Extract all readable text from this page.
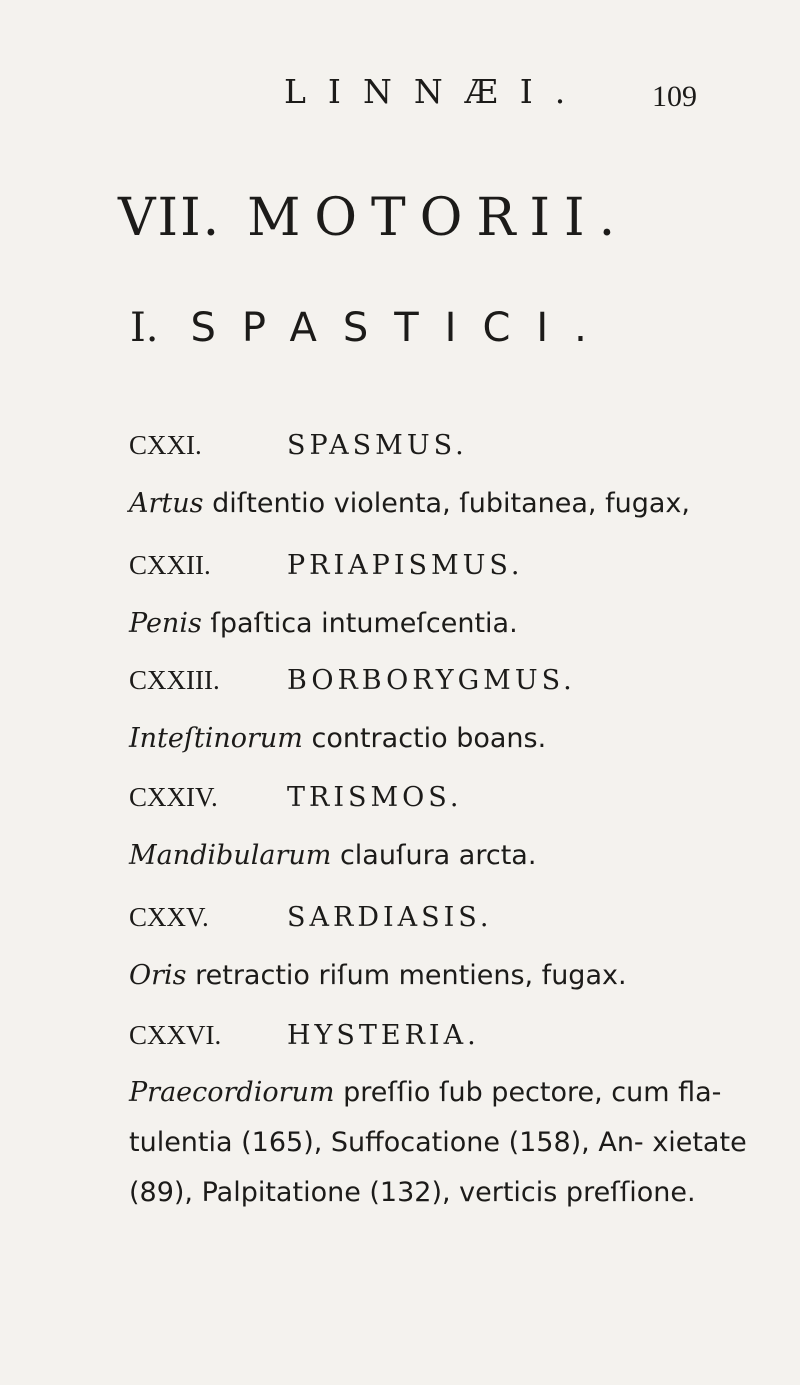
LINNÆI. 109
VII. MOTORII.
I. SPASTICI.
CXXI.	SPASMUS.
Artus diſtentio violenta, ſubitanea, fugax,
CXXII.	PRIAPISMUS.
Penis ſpaſtica intumeſcentia.
CXXIII. BORBORYGMUS.
Inteſtinorum contractio boans.
CXXIV.	TRISMOS.
Mandibularum clauſura arcta.
CXXV.	SARDIASIS.
Oris retractio riſum mentiens, fugax.
CXXVI. HYSTERIA.
Praecordiorum preſſio ſub pectore, cum fla- tulentia (165), Suffocatione (158), An- xietate (89), Palpitatione (132), verticis preſſione.
